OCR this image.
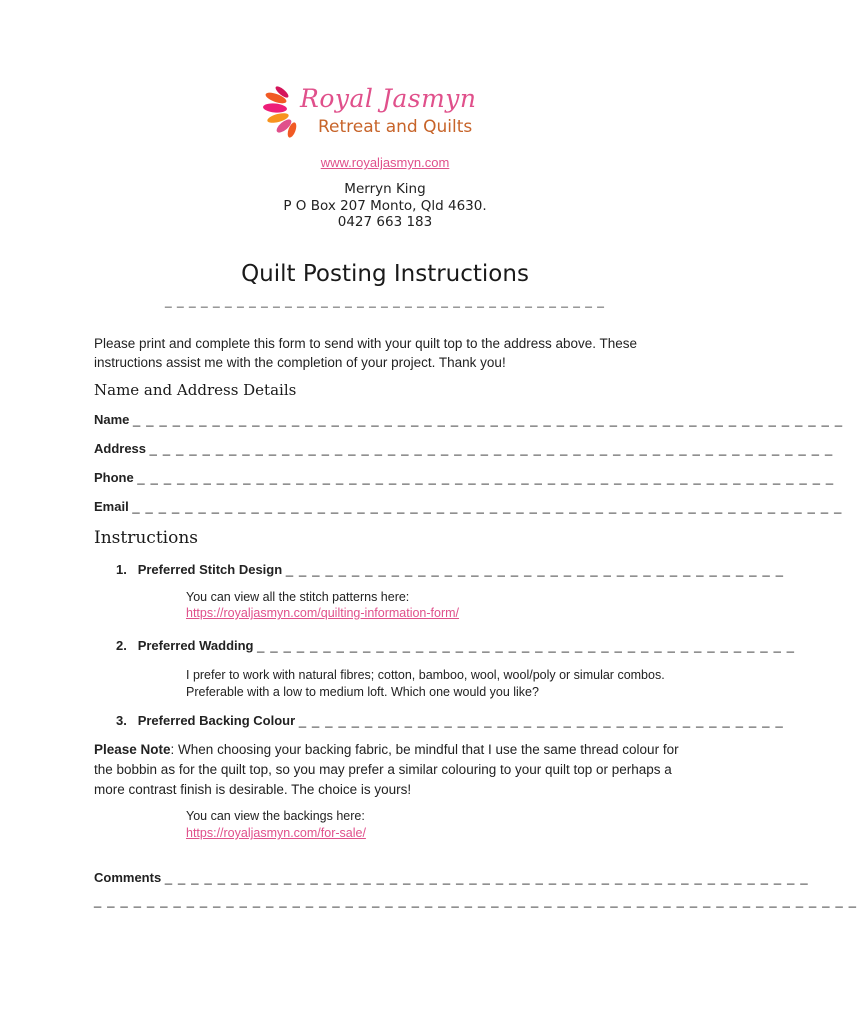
Royal Jasmyn
Retreat and Quilts
www.royaljasmyn.com
Merryn King
P O Box 207 Monto, Qld 4630.
0427 663 183
Quilt Posting Instructions
_ _ _ _ _ _ _ _ _ _ _ _ _ _ _ _ _ _ _ _ _ _ _ _ _ _ _ _ _ _ _ _ _ _ _ _ _
Please print and complete this form to send with your quilt top to the address above. These instructions assist me with the completion of your project. Thank you!
Name and Address Details
Name _ _ _ _ _ _ _ _ _ _ _ _ _ _ _ _ _ _ _ _ _ _ _ _ _ _ _ _ _ _ _ _ _ _ _ _ _ _ _ _ _ _ _ _ _ _ _ _ _ _ _ _ _ _
Address _ _ _ _ _ _ _ _ _ _ _ _ _ _ _ _ _ _ _ _ _ _ _ _ _ _ _ _ _ _ _ _ _ _ _ _ _ _ _ _ _ _ _ _ _ _ _ _ _ _ _ _
Phone _ _ _ _ _ _ _ _ _ _ _ _ _ _ _ _ _ _ _ _ _ _ _ _ _ _ _ _ _ _ _ _ _ _ _ _ _ _ _ _ _ _ _ _ _ _ _ _ _ _ _ _ _
Email _ _ _ _ _ _ _ _ _ _ _ _ _ _ _ _ _ _ _ _ _ _ _ _ _ _ _ _ _ _ _ _ _ _ _ _ _ _ _ _ _ _ _ _ _ _ _ _ _ _ _ _ _ _
Instructions
1. Preferred Stitch Design _ _ _ _ _ _ _ _ _ _ _ _ _ _ _ _ _ _ _ _ _ _ _ _ _ _ _ _ _ _ _ _ _ _ _ _ _ _
You can view all the stitch patterns here:
https://royaljasmyn.com/quilting-information-form/
2. Preferred Wadding _ _ _ _ _ _ _ _ _ _ _ _ _ _ _ _ _ _ _ _ _ _ _ _ _ _ _ _ _ _ _ _ _ _ _ _ _ _ _ _ _
I prefer to work with natural fibres; cotton, bamboo, wool, wool/poly or simular combos. Preferable with a low to medium loft. Which one would you like?
3. Preferred Backing Colour _ _ _ _ _ _ _ _ _ _ _ _ _ _ _ _ _ _ _ _ _ _ _ _ _ _ _ _ _ _ _ _ _ _ _ _ _
Please Note: When choosing your backing fabric, be mindful that I use the same thread colour for the bobbin as for the quilt top, so you may prefer a similar colouring to your quilt top or perhaps a more contrast finish is desirable. The choice is yours!
You can view the backings here:
https://royaljasmyn.com/for-sale/
Comments _ _ _ _ _ _ _ _ _ _ _ _ _ _ _ _ _ _ _ _ _ _ _ _ _ _ _ _ _ _ _ _ _ _ _ _ _ _ _ _ _ _ _ _ _ _ _ _ _
_ _ _ _ _ _ _ _ _ _ _ _ _ _ _ _ _ _ _ _ _ _ _ _ _ _ _ _ _ _ _ _ _ _ _ _ _ _ _ _ _ _ _ _ _ _ _ _ _ _ _ _ _ _ _ _ _ _
